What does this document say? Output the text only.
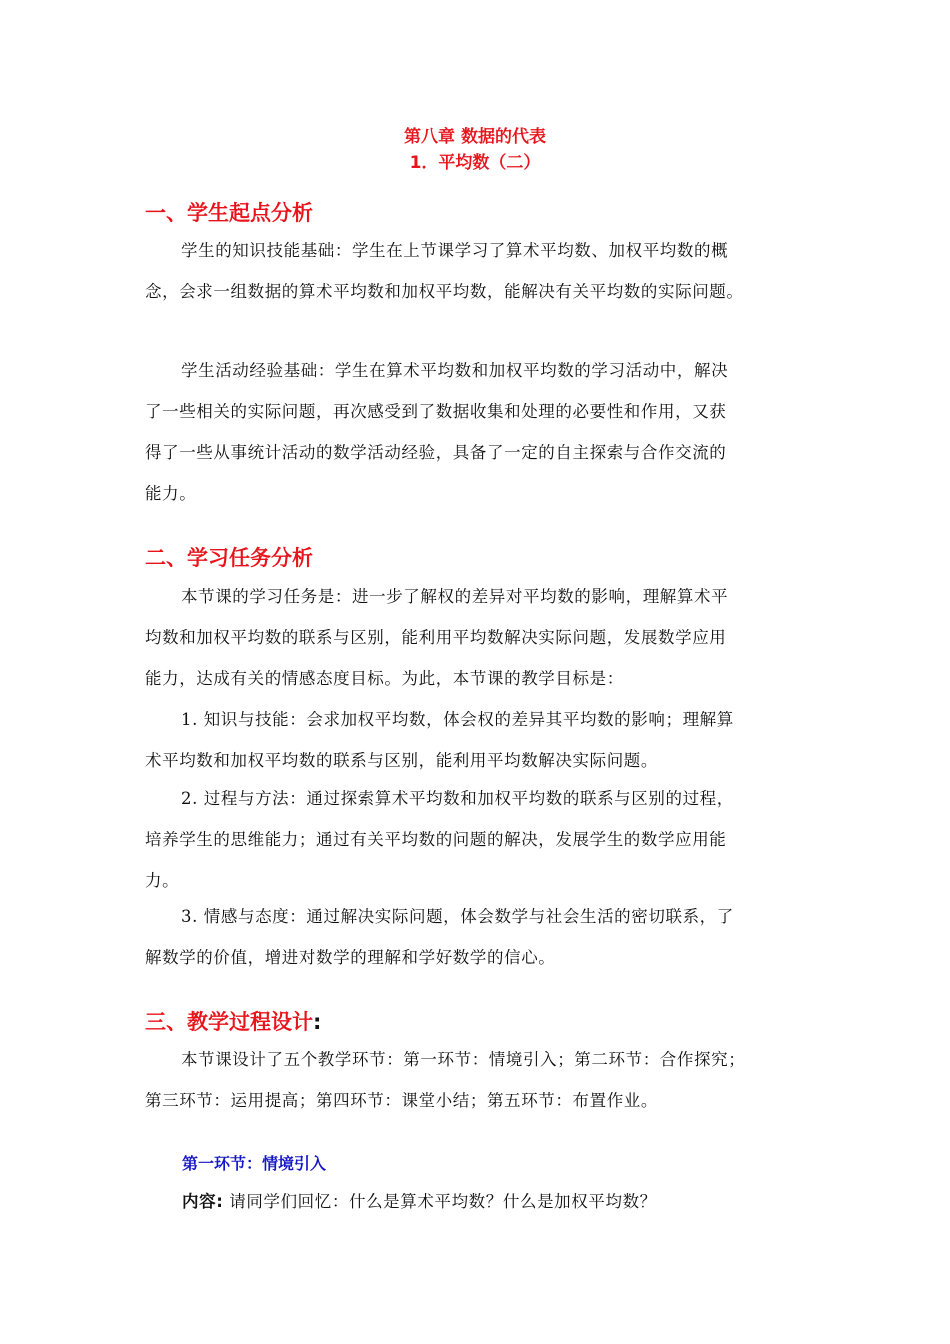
第八章 数据的代表
1．平均数（二）
一、学生起点分析
学生的知识技能基础：学生在上节课学习了算术平均数、加权平均数的概
念，会求一组数据的算术平均数和加权平均数，能解决有关平均数的实际问题。
学生活动经验基础：学生在算术平均数和加权平均数的学习活动中，解决
了一些相关的实际问题，再次感受到了数据收集和处理的必要性和作用，又获
得了一些从事统计活动的数学活动经验，具备了一定的自主探索与合作交流的
能力。
二、学习任务分析
本节课的学习任务是：进一步了解权的差异对平均数的影响，理解算术平
均数和加权平均数的联系与区别，能利用平均数解决实际问题，发展数学应用
能力，达成有关的情感态度目标。为此，本节课的教学目标是：
1. 知识与技能：会求加权平均数，体会权的差异其平均数的影响；理解算
术平均数和加权平均数的联系与区别，能利用平均数解决实际问题。
2. 过程与方法：通过探索算术平均数和加权平均数的联系与区别的过程，
培养学生的思维能力；通过有关平均数的问题的解决，发展学生的数学应用能
力。
3. 情感与态度：通过解决实际问题，体会数学与社会生活的密切联系，了
解数学的价值，增进对数学的理解和学好数学的信心。
三、教学过程设计:
本节课设计了五个教学环节：第一环节：情境引入；第二环节：合作探究；
第三环节：运用提高；第四环节：课堂小结；第五环节：布置作业。
第一环节：情境引入
内容: 请同学们回忆：什么是算术平均数？什么是加权平均数？
